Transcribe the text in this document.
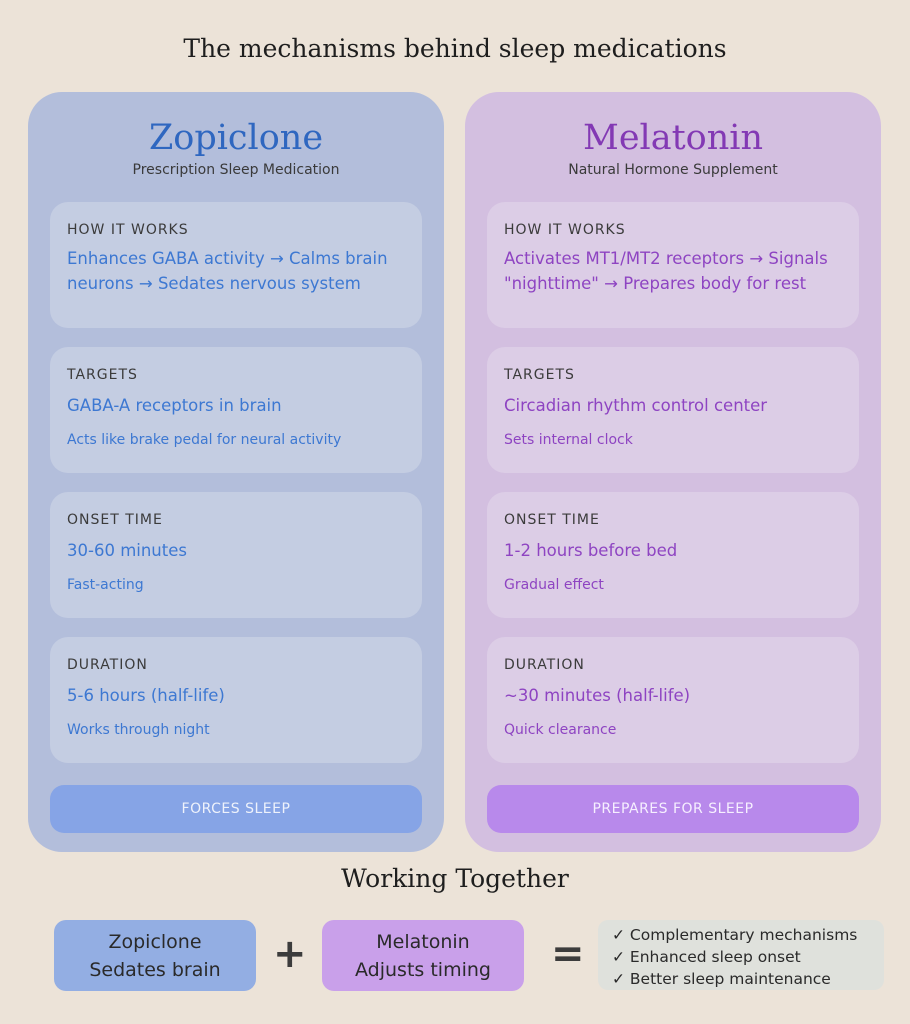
The mechanisms behind sleep medications
Zopiclone
Prescription Sleep Medication
HOW IT WORKS
Enhances GABA activity → Calms brain neurons → Sedates nervous system
TARGETS
GABA-A receptors in brain
Acts like brake pedal for neural activity
ONSET TIME
30-60 minutes
Fast-acting
DURATION
5-6 hours (half-life)
Works through night
FORCES SLEEP
Melatonin
Natural Hormone Supplement
HOW IT WORKS
Activates MT1/MT2 receptors → Signals "nighttime" → Prepares body for rest
TARGETS
Circadian rhythm control center
Sets internal clock
ONSET TIME
1-2 hours before bed
Gradual effect
DURATION
~30 minutes (half-life)
Quick clearance
PREPARES FOR SLEEP
Working Together
Zopiclone
Sedates brain	+	Melatonin
Adjusts timing	= ✓ Complementary mechanisms
✓ Enhanced sleep onset
✓ Better sleep maintenance
